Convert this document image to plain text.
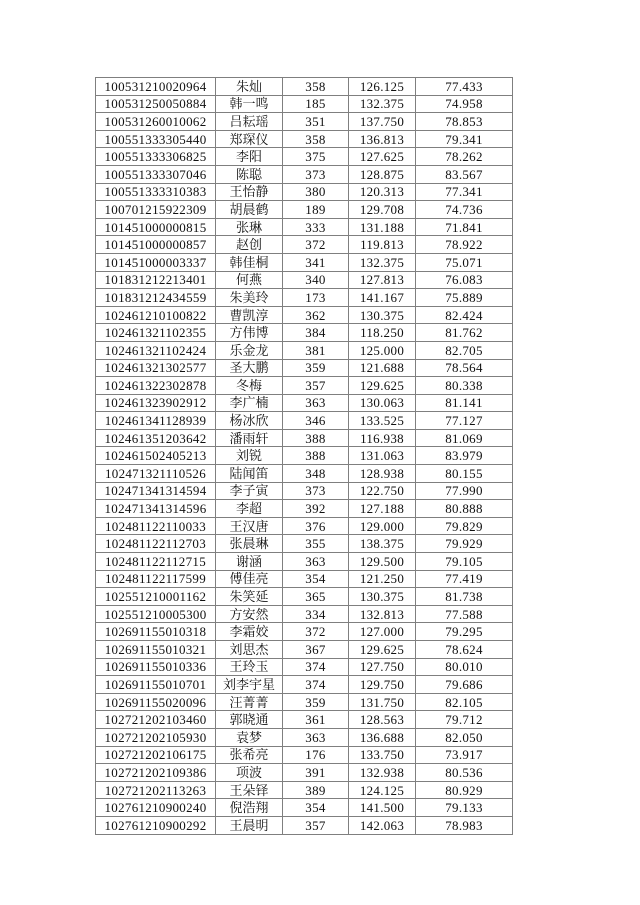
100531210020964	朱灿	358	126.125	77.433
100531250050884	韩一鸣	185	132.375	74.958
100531260010062	吕耘瑶	351	137.750	78.853
100551333305440	郑琛仪	358	136.813	79.341
100551333306825	李阳	375	127.625	78.262
100551333307046	陈聪	373	128.875	83.567
100551333310383	王怡静	380	120.313	77.341
100701215922309	胡晨鹤	189	129.708	74.736
101451000000815	张琳	333	131.188	71.841
101451000000857	赵创	372	119.813	78.922
101451000003337	韩佳桐	341	132.375	75.071
101831212213401	何燕	340	127.813	76.083
101831212434559	朱美玲	173	141.167	75.889
102461210100822	曹凯淳	362	130.375	82.424
102461321102355	方伟博	384	118.250	81.762
102461321102424	乐金龙	381	125.000	82.705
102461321302577	圣大鹏	359	121.688	78.564
102461322302878	冬梅	357	129.625	80.338
102461323902912	李广楠	363	130.063	81.141
102461341128939	杨冰欣	346	133.525	77.127
102461351203642	潘雨轩	388	116.938	81.069
102461502405213	刘锐	388	131.063	83.979
102471321110526	陆闻笛	348	128.938	80.155
102471341314594	李子寅	373	122.750	77.990
102471341314596	李超	392	127.188	80.888
102481122110033	王汉唐	376	129.000	79.829
102481122112703	张晨琳	355	138.375	79.929
102481122112715	谢涵	363	129.500	79.105
102481122117599	傅佳亮	354	121.250	77.419
102551210001162	朱笑延	365	130.375	81.738
102551210005300	方安然	334	132.813	77.588
102691155010318	李霜姣	372	127.000	79.295
102691155010321	刘思杰	367	129.625	78.624
102691155010336	王玲玉	374	127.750	80.010
102691155010701	刘李宇星	374	129.750	79.686
102691155020096	汪菁菁	359	131.750	82.105
102721202103460	郭晓通	361	128.563	79.712
102721202105930	袁梦	363	136.688	82.050
102721202106175	张希亮	176	133.750	73.917
102721202109386	项波	391	132.938	80.536
102721202113263	王朵铎	389	124.125	80.929
102761210900240	倪浩翔	354	141.500	79.133
102761210900292	王晨明	357	142.063	78.983
